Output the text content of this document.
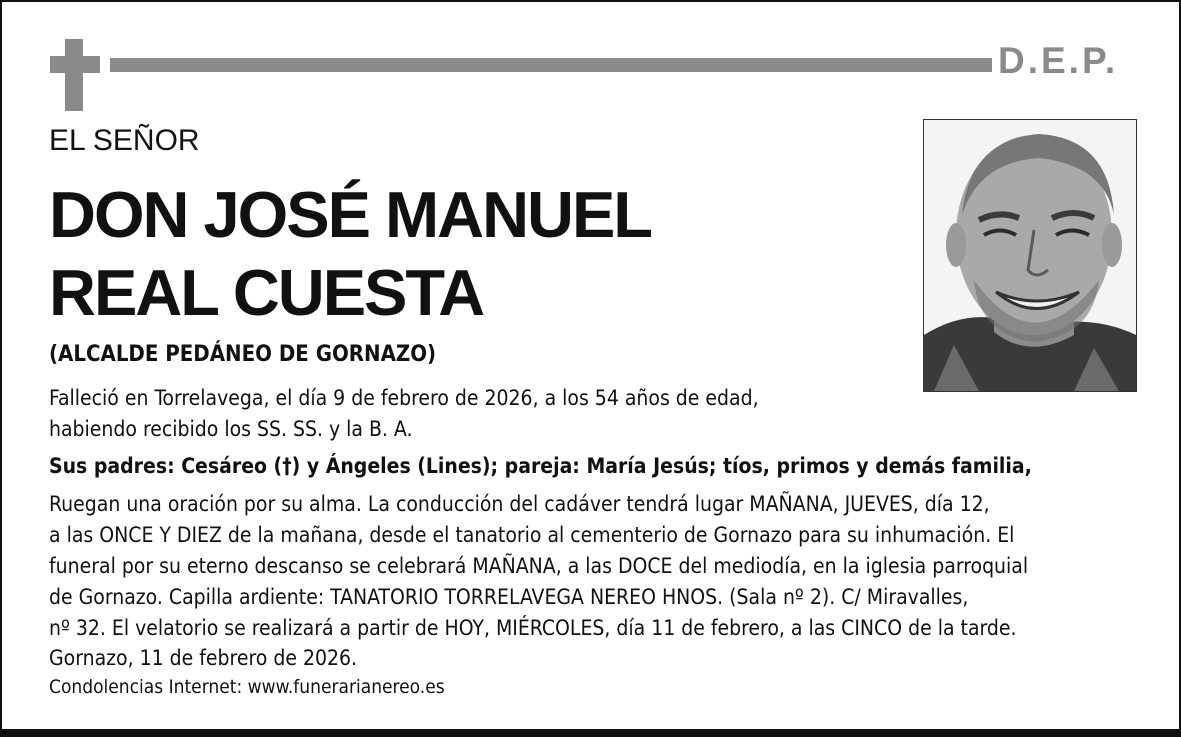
D.E.P.
EL SEÑOR
DON JOSÉ MANUEL
REAL CUESTA
(ALCALDE PEDÁNEO DE GORNAZO)
Falleció en Torrelavega, el día 9 de febrero de 2026, a los 54 años de edad,
habiendo recibido los SS. SS. y la B. A.
Sus padres: Cesáreo (†) y Ángeles (Lines); pareja: María Jesús; tíos, primos y demás familia,
Ruegan una oración por su alma. La conducción del cadáver tendrá lugar MAÑANA, JUEVES, día 12,
a las ONCE Y DIEZ de la mañana, desde el tanatorio al cementerio de Gornazo para su inhumación. El
funeral por su eterno descanso se celebrará MAÑANA, a las DOCE del mediodía, en la iglesia parroquial
de Gornazo. Capilla ardiente: TANATORIO TORRELAVEGA NEREO HNOS. (Sala nº 2). C/ Miravalles,
nº 32. El velatorio se realizará a partir de HOY, MIÉRCOLES, día 11 de febrero, a las CINCO de la tarde.
Gornazo, 11 de febrero de 2026.
Condolencias Internet: www.funerarianereo.es
